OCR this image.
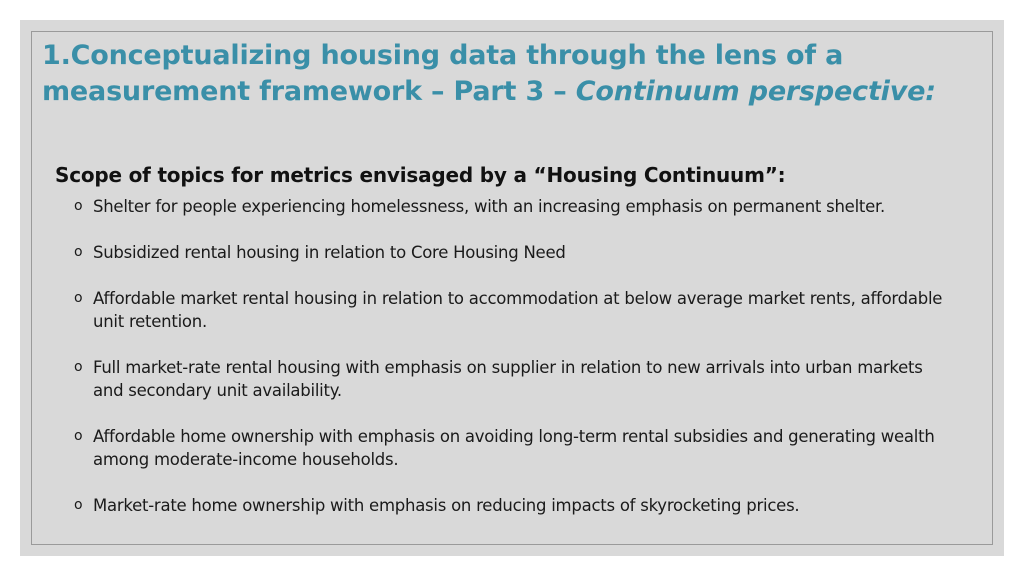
1.Conceptualizing housing data through the lens of a measurement framework – Part 3 – Continuum perspective:
Scope of topics for metrics envisaged by a “Housing Continuum”:
o Shelter for people experiencing homelessness, with an increasing emphasis on permanent shelter.
o Subsidized rental housing in relation to Core Housing Need
o Affordable market rental housing in relation to accommodation at below average market rents, affordable unit retention.
o Full market-rate rental housing with emphasis on supplier in relation to new arrivals into urban markets and secondary unit availability.
o Affordable home ownership with emphasis on avoiding long-term rental subsidies and generating wealth among moderate-income households.
o Market-rate home ownership with emphasis on reducing impacts of skyrocketing prices.
